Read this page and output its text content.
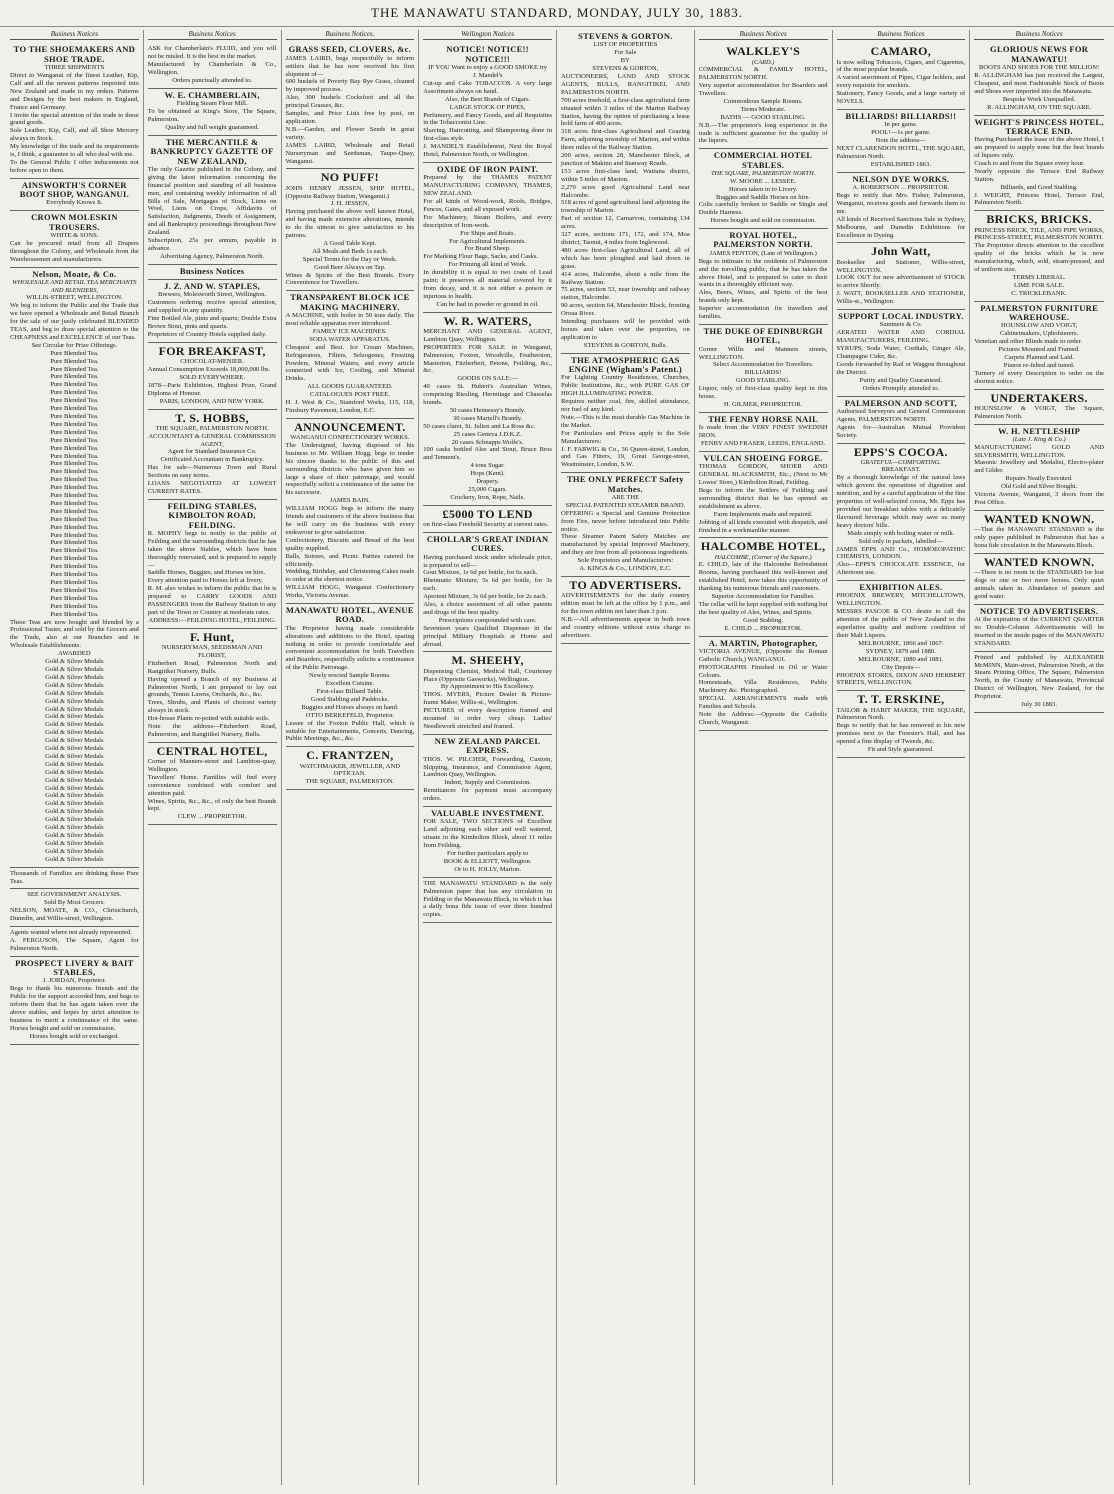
THE MANAWATU STANDARD, MONDAY, JULY 30, 1883.
Business Notices
TO THE SHOEMAKERS AND SHOE TRADE.
THREE SHIPMENTS
Direct to Wanganui of the finest Leather, Kip, Calf and all the newest patterns imported into New Zealand and made to my orders. Patterns and Designs by the best makers in England, France and Germany.
I invite the special attention of the trade to these grand goods.
Sole Leather, Kip, Calf, and all Shoe Mercery always in Stock.
My knowledge of the trade and its requirements is, I think, a guarantee to all who deal with me.
To the General Public I offer inducements not before open to them.
AINSWORTH'S CORNER BOOT SHOP, WANGANUI.
Everybody Knows It.
CROWN MOLESKIN TROUSERS.
WHITE & SONS.
Can be procured retail from all Drapers throughout the Colony, and Wholesale from the Warehousemen and manufacturers.
Nelson, Moate, & Co.
WHOLESALE AND RETAIL TEA MERCHANTS AND BLENDERS,
WILLIS-STREET, WELLINGTON.
We beg to inform the Public and the Trade that we have opened a Wholesale and Retail Branch for the sale of our justly celebrated BLENDED TEAS, and beg to draw special attention to the CHEAPNESS and EXCELLENCE of our Teas.
See Circular for Prize Offerings.
Pure Blended Tea.
Pure Blended Tea.
Pure Blended Tea.
Pure Blended Tea.
Pure Blended Tea.
Pure Blended Tea.
Pure Blended Tea.
Pure Blended Tea.
Pure Blended Tea.
Pure Blended Tea.
Pure Blended Tea.
Pure Blended Tea.
Pure Blended Tea.
Pure Blended Tea.
Pure Blended Tea.
Pure Blended Tea.
Pure Blended Tea.
Pure Blended Tea.
Pure Blended Tea.
Pure Blended Tea.
Pure Blended Tea.
Pure Blended Tea.
Pure Blended Tea.
Pure Blended Tea.
Pure Blended Tea.
Pure Blended Tea.
Pure Blended Tea.
Pure Blended Tea.
Pure Blended Tea.
Pure Blended Tea.
Pure Blended Tea.
Pure Blended Tea.
Pure Blended Tea.
Pure Blended Tea.
These Teas are now bought and blended by a Professional Taster, and sold by the Grocers and the Trade, also at our Branches and in Wholesale Establishments.
AWARDED
Gold & Silver Medals
Gold & Silver Medals
Gold & Silver Medals
Gold & Silver Medals
Gold & Silver Medals
Gold & Silver Medals
Gold & Silver Medals
Gold & Silver Medals
Gold & Silver Medals
Gold & Silver Medals
Gold & Silver Medals
Gold & Silver Medals
Gold & Silver Medals
Gold & Silver Medals
Gold & Silver Medals
Gold & Silver Medals
Gold & Silver Medals
Gold & Silver Medals
Gold & Silver Medals
Gold & Silver Medals
Gold & Silver Medals
Gold & Silver Medals
Gold & Silver Medals
Gold & Silver Medals
Gold & Silver Medals
Gold & Silver Medals
Thousands of Families are drinking these Pure Teas.
SEE GOVERNMENT ANALYSIS.
Sold By Most Grocers.
NELSON, MOATE, & CO., Christchurch, Dunedin, and Willis-street, Wellington.
Agents wanted where not already represented.
A. FERGUSON, The Square, Agent for Palmerston North.
PROSPECT LIVERY & BAIT STABLES,
J. JORDAN, Proprietor.
Begs to thank his numerous friends and the Public for the support accorded him, and begs to inform them that he has again taken over the above stables, and hopes by strict attention to business to merit a continuance of the same. Horses bought and sold on commission.
Horses bought sold or exchanged.
Business Notices
ASK for Chamberlain's FLUID, and you will not be misled. It is the best in the market.
Manufactured by Chamberlain & Co., Wellington.
Orders punctually attended to.
W. E. CHAMBERLAIN,
Fielding Steam Flour Mill.
To be obtained at King's Store, The Square, Palmerston.
Quality and full weight guaranteed.
THE MERCANTILE & BANKRUPTCY GAZETTE OF NEW ZEALAND,
The only Gazette published in the Colony, and giving the latest information concerning the financial position and standing of all business men, and containing weekly information of all Bills of Sale, Mortgages of Stock, Liens on Wool, Liens on Crops, Affidavits of Satisfaction, Judgments, Deeds of Assignment, and all Bankruptcy proceedings throughout New Zealand.
Subscription, 25s per annum, payable in advance.
Advertising Agency, Palmerston North.
Business Notices
J. Z. AND W. STAPLES,
Brewers, Molesworth Street, Wellington.
Customers ordering receive special attention, and supplied in any quantity.
Fine Bottled Ale, pints and quarts; Double Extra Brown Stout, pints and quarts.
Proprietors of Country Hotels supplied daily.
FOR BREAKFAST,
CHOCOLAT-MENIER.
Annual Consumption Exceeds 18,000,000 lbs.
SOLD EVERYWHERE.
1878—Paris Exhibition, Highest Prize, Grand Diploma of Honour.
PARIS, LONDON, AND NEW YORK.
T. S. HOBBS,
THE SQUARE, PALMERSTON NORTH.
ACCOUNTANT & GENERAL COMMISSION AGENT,
Agent for Standard Insurance Co.
Certificated Accountant in Bankruptcy.
Has for sale—Numerous Town and Rural Sections on easy terms.
LOANS NEGOTIATED AT LOWEST CURRENT RATES.
FEILDING STABLES, KIMBOLTON ROAD, FEILDING.
R. MOPHY begs to notify to the public of Feilding and the surrounding districts that he has taken the above Stables, which have been thoroughly renovated, and is prepared to supply—
Saddle Horses, Buggies, and Horses on hire.
Every attention paid to Horses left at livery.
R. M. also wishes to inform the public that he is prepared to CARRY GOODS AND PASSENGERS from the Railway Station to any part of the Town or Country at moderate rates.
ADDRESS:—FEILDING HOTEL, FEILDING.
F. Hunt,
NURSERYMAN, SEEDSMAN AND FLORIST,
Fitzherbert Road, Palmerston North and Rangitikei Nursery, Bulls.
Having opened a Branch of my Business at Palmerston North, I am prepared to lay out grounds, Tennis Lawns, Orchards, &c., &c.
Trees, Shrubs, and Plants of choicest variety always in stock.
Hot-house Plants re-potted with suitable soils.
Note the address—Fitzherbert Road, Palmerston, and Rangitikei Nursery, Bulls.
CENTRAL HOTEL,
Corner of Manners-street and Lambton-quay, Wellington.
Travellers' Home. Families will find every convenience combined with comfort and attention paid.
Wines, Spirits, &c., &c., of only the best Brands kept.
CLEW ... PROPRIETOR.
Business Notices.
GRASS SEED, CLOVERS, &c.
JAMES LAIRD, begs respectfully to inform settlers that he has now received his first shipment of—
600 bushels of Poverty Bay Rye Grass, cleaned by improved process.
Also, 300 bushels Cocksfoot and all the principal Grasses, &c.
Samples, and Price Lists free by post, on application.
N.B.—Garden, and Flower Seeds in great variety.
JAMES LAIRD, Wholesale and Retail Nurseryman and Seedsman, Taupo-Quay, Wanganui.
NO PUFF!
JOHN HENRY JESSEN, SHIP HOTEL, (Opposite Railway Station, Wanganui.)
J. H. JESSEN,
Having purchased the above well known Hotel, and having made extensive alterations, intends to do the utmost to give satisfaction to his patrons.
A Good Table Kept.
All Meals and Beds 1s each.
Special Terms for the Day or Week.
Good Beer Always on Tap.
Wines & Spirits of the Best Brands. Every Convenience for Travellers.
TRANSPARENT BLOCK ICE MAKING MACHINERY.
A MACHINE, with boiler to 50 tons daily. The most reliable apparatus ever introduced.
FAMILY ICE MACHINES.
SODA WATER APPARATUS.
Cheapest and Best. Ice Cream Machines, Refrigerators, Filters, Selzogenes, Freezing Powders, Mineral Waters, and every article connected with Ice, Cooling, and Mineral Drinks.
ALL GOODS GUARANTEED.
CATALOGUES POST FREE.
H. J. West & Co., Stamford Works, 115, 118, Finsbury Pavement, London, E.C.
ANNOUNCEMENT.
WANGANUI CONFECTIONERY WORKS.
The Undersigned, having disposed of his business to Mr. William Hogg, begs to tender his sincere thanks to the public of this and surrounding districts who have given him so large a share of their patronage, and would respectfully solicit a continuance of the same for his successor.
JAMES BAIN.
WILLIAM HOGG begs to inform the many friends and customers of the above business that he will carry on the business with every endeavour to give satisfaction.
Confectionery, Biscuits and Bread of the best quality supplied.
Balls, Soirees, and Picnic Parties catered for efficiently.
Wedding, Birthday, and Christening Cakes made to order at the shortest notice.
WILLIAM HOGG, Wanganui Confectionery Works, Victoria Avenue.
MANAWATU HOTEL, AVENUE ROAD.
The Proprietor having made considerable alterations and additions to the Hotel, sparing nothing in order to provide comfortable and convenient accommodation for both Travellers and Boarders, respectfully solicits a continuance of the Public Patronage.
Newly erected Sample Rooms.
Excellent Cuisine.
First-class Billiard Table.
Good Stabling and Paddocks.
Buggies and Horses always on hand.
OTTO BERKEFELD, Proprietor.
Lessee of the Foxton Public Hall, which is suitable for Entertainments, Concerts, Dancing, Public Meetings, &c., &c.
C. FRANTZEN,
WATCHMAKER, JEWELLER, AND OPTICIAN.
THE SQUARE, PALMERSTON.
Wellington Notices
NOTICE! NOTICE!! NOTICE!!!
IF YOU Want to enjoy a GOOD SMOKE try
J. Mandel's
Cut-up and Cake TOBACCOS. A very large Assortment always on hand.
Also, the Best Brands of Cigars.
LARGE STOCK OF PIPES,
Perfumery, and Fancy Goods, and all Requisites in the Tobacconist Line.
Shaving, Haircutting, and Shampooing done in first-class style.
J. MANDEL'S Establishment, Next the Royal Hotel, Palmerston North, or Wellington.
OXIDE OF IRON PAINT.
Prepared by the THAMES PATENT MANUFACTURING COMPANY, THAMES, NEW ZEALAND.
For all kinds of Wood-work, Roofs, Bridges, Fences, Gates, and all exposed work.
For Machinery, Steam Boilers, and every description of Iron-work.
For Ships and Boats.
For Agricultural Implements.
For Brand Sheep.
For Marking Flour Bags, Sacks, and Casks.
For Priming all kind of Work.
In durability it is equal to two coats of Lead paint; it preserves all material covered by it from decay, and it is not either a poison or injurious to health.
Can be had in powder or ground in oil.
W. R. WATERS,
MERCHANT AND GENERAL AGENT, Lambton Quay, Wellington.
PROPERTIES FOR SALE in Wanganui, Palmerston, Foxton, Woodville, Featherston, Masterton, Fitzherbert, Petone, Feilding, &c., &c.
GOODS ON SALE:—
40 cases St. Hubert's Australian Wines, comprising Riesling, Hermitage and Chasselas brands.
50 cases Hennessy's Brandy.
30 cases Martell's Brandy.
50 cases claret, St. Julien and La Rose &c.
25 cases Geneva J.D.K.Z.
20 cases Schnapps Wolfe's.
100 casks bottled Ales and Stout, Bruce Bros and Tennent's.
4 tons Sugar.
Hops (Kent).
Drapery.
25,000 Cigars.
Crockery, Iron, Rope, Nails.
£5000 TO LEND
on first-class Freehold Security at current rates.
CHOLLAR'S GREAT INDIAN CURES.
Having purchased stock under wholesale price, is prepared to sell—
Gout Mixture, 1s 6d per bottle, for 6s each.
Rheumatic Mixture, 5s 6d per bottle, for 3s each.
Aperient Mixture, 3s 6d per bottle, for 2s each.
Also, a choice assortment of all other patents and drugs of the best quality.
Prescriptions compounded with care.
Seventeen years Qualified Dispenser in the principal Military Hospitals at Home and abroad.
M. SHEEHY,
Dispensing Chemist, Medical Hall, Courtenay Place (Opposite Gasworks), Wellington.
By Appointment to His Excellency.
THOS. MYERS, Picture Dealer & Picture-frame Maker, Willis-st., Wellington.
PICTURES of every description framed and mounted to order very cheap. Ladies' Needlework stretched and framed.
NEW ZEALAND PARCEL EXPRESS.
THOS. W. PILCHER, Forwarding, Custom, Shipping, Insurance, and Commission Agent, Lambton Quay, Wellington.
Indent, Supply and Commission.
Remittances for payment must accompany orders.
VALUABLE INVESTMENT.
FOR SALE, TWO SECTIONS of Excellent Land adjoining each other and well watered, situate in the Kimbolton Block, about 11 miles from Feilding.
For further particulars apply to
BOOK & ELLIOTT, Wellington.
Or to H. JOLLY, Marton.
THE MANAWATU STANDARD is the only Palmerston paper that has any circulation in Feilding or the Manawatu Block, in which it has a daily bona fide issue of over three hundred copies.
STEVENS & GORTON.
LIST OF PROPERTIES
For Sale
BY
STEVENS & GORTON,
AUCTIONEERS, LAND AND STOCK AGENTS, BULLS, RANGITIKEI, AND PALMERSTON NORTH.
700 acres freehold, a first-class agricultural farm situated within 3 miles of the Marton Railway Station, having the option of purchasing a lease hold farm of 400 acres.
318 acres first-class Agricultural and Grazing Farm, adjoining township of Marton, and within three miles of the Railway Station.
200 acres, section 28, Manchester Block, at junction of Makino and Stanway Roads.
153 acres first-class land, Waituna district, within 5 miles of Marton.
2,279 acres good Agricultural Land near Halcombe.
518 acres of good agricultural land adjoining the township of Marton.
Part of section 12, Carnarvon, containing 134 acres.
327 acres, sections 171, 172, and 174, Moa district, Taonui, 4 miles from Inglewood.
480 acres first-class Agricultural Land, all of which has been ploughed and laid down in grass.
414 acres, Halcombe, about a mile from the Railway Station.
75 acres, section 53, near township and railway station, Halcombe.
90 acres, section 64, Manchester Block, fronting Oroua River.
Intending purchasers will be provided with horses and taken over the properties, on application to
STEVENS & GORTON, Bulls.
THE ATMOSPHERIC GAS ENGINE (Wigham's Patent.)
For Lighting Country Residences, Churches, Public Institutions, &c., with PURE GAS OF HIGH ILLUMINATING POWER.
Requires neither coal, fire, skilled attendance, nor fuel of any kind.
Note.—This is the most durable Gas Machine in the Market.
For Particulars and Prices apply to the Sole Manufacturers:
J. F. FARWIG & Co., 36 Queen-street, London, and Gas Fitters, 19, Great George-street, Westminster, London, S.W.
THE ONLY PERFECT Safety Matches.
ARE THE
SPECIAL PATENTED STEAMER BRAND.
OFFERING a Special and Genuine Protection from Fire, never before introduced into Public notice.
These Steamer Patent Safety Matches are manufactured by special Improved Machinery, and they are free from all poisonous ingredients.
Sole Proprietors and Manufacturers:
A. KINGS & Co., LONDON, E.C.
TO ADVERTISERS.
ADVERTISEMENTS for the daily country edition must be left at the office by 1 p.m., and for the town edition not later than 3 p.m.
N.B.—All advertisements appear in both town and country editions without extra charge to advertisers.
Business Notices
WALKLEY'S
(CARD.)
COMMERCIAL & FAMILY HOTEL, PALMERSTON NORTH.
Very superior accommodation for Boarders and Travellers.
Commodious Sample Rooms.
Terms Moderate.
BATHS — GOOD STABLING.
N.B.—The proprietor's long experience in the trade is sufficient guarantee for the quality of the liquors.
COMMERCIAL HOTEL STABLES.
THE SQUARE, PALMERSTON NORTH.
W. MOORE ... LESSEE.
Horses taken in to Livery.
Buggies and Saddle Horses on hire.
Colts carefully broken to Saddle or Single and Double Harness.
Horses bought and sold on commission.
ROYAL HOTEL, PALMERSTON NORTH.
JAMES FENTON, (Late of Wellington.)
Begs to intimate to the residents of Palmerston and the travelling public, that he has taken the above Hotel, and is prepared to cater to their wants in a thoroughly efficient way.
Ales, Beers, Wines, and Spirits of the best brands only kept.
Superior accommodation for travellers and families.
THE DUKE OF EDINBURGH HOTEL,
Corner Willis and Manners streets, WELLINGTON.
Select Accommodation for Travellers.
BILLIARDS!
GOOD STABLING.
Liquor, only of first-class quality kept in this house.
H. GILMER, PROPRIETOR.
THE FENBY HORSE NAIL
Is made from the VERY FINEST SWEDISH IRON.
FENBY AND FRASER, LEEDS, ENGLAND.
VULCAN SHOEING FORGE.
THOMAS GORDON, SHOER AND GENERAL BLACKSMITH, Etc., (Next to Mr Lowes' Store,) Kimbolton Road, Feilding.
Begs to inform the Settlers of Feilding and surrounding district that he has opened an establishment as above.
Farm Implements made and repaired.
Jobbing of all kinds executed with despatch, and finished in a workmanlike manner.
HALCOMBE HOTEL,
HALCOMBE, (Corner of the Square.)
E. CHILD, late of the Halcombe Refreshment Rooms, having purchased this well-known and established Hotel, now takes this opportunity of thanking his numerous friends and customers.
Superior Accommodation for Families.
The cellar will be kept supplied with nothing but the best quality of Ales, Wines, and Spirits.
Good Stabling.
E. CHILD ... PROPRIETOR.
A. MARTIN, Photographer,
VICTORIA AVENUE, (Opposite the Roman Catholic Church,) WANGANUI.
PHOTOGRAPHS Finished in Oil or Water Colours.
Homesteads, Villa Residences, Public Machinery &c. Photographed.
SPECIAL ARRANGEMENTS made with Families and Schools.
Note the Address:—Opposite the Catholic Church, Wanganui.
Business Notices
CAMARO,
Is now selling Tobaccos, Cigars, and Cigarettes, of the most popular brands.
A varied assortment of Pipes, Cigar holders, and every requisite for smokers.
Stationery, Fancy Goods, and a large variety of NOVELS.
BILLIARDS! BILLIARDS!!
In per game.
POOL!—1s per game.
Note the address—
NEXT CLARENDON HOTEL, THE SQUARE, Palmerston North.
ESTABLISHED 1863.
NELSON DYE WORKS.
A. ROBERTSON ... PROPRIETOR.
Begs to notify that Mrs. Fisher, Palmerston, Wanganui, receives goods and forwards them to me.
All kinds of Received Sanctions Sale in Sydney, Melbourne, and Dunedin Exhibitions for Excellence in Dyeing.
John Watt,
Bookseller and Stationer, Willis-street, WELLINGTON.
LOOK OUT for new advertisement of STOCK to arrive Shortly.
J. WATT, BOOKSELLER AND STATIONER, Willis-st., Wellington.
SUPPORT LOCAL INDUSTRY.
Summers & Co.
AERATED WATER AND CORDIAL MANUFACTURERS, FEILDING.
SYRUPS, Soda Water, Cordials, Ginger Ale, Champagne Cider, &c.
Goods forwarded by Rail or Waggon throughout the District.
Purity and Quality Guaranteed.
Orders Promptly attended to.
PALMERSON AND SCOTT,
Authorised Surveyors and General Commission Agents, PALMERSTON NORTH.
Agents for—Australian Mutual Provident Society.
EPPS'S COCOA.
GRATEFUL—COMFORTING.
BREAKFAST.
By a thorough knowledge of the natural laws which govern the operations of digestion and nutrition, and by a careful application of the fine properties of well-selected cocoa, Mr. Epps has provided our breakfast tables with a delicately flavoured beverage which may save us many heavy doctors' bills.
Made simply with boiling water or milk.
Sold only in packets, labelled—
JAMES EPPS AND Co., HOMOEOPATHIC CHEMISTS, LONDON.
Also—EPPS'S CHOCOLATE ESSENCE, for Afternoon use.
EXHIBITION ALES.
PHOENIX BREWERY, MITCHELLTOWN, WELLINGTON.
MESSRS PASCOE & CO. desire to call the attention of the public of New Zealand to the superlative quality and uniform condition of their Malt Liquors.
MELBOURNE, 1866 and 1867.
SYDNEY, 1879 and 1880.
MELBOURNE, 1880 and 1881.
City Depots—
PHOENIX STORES, DIXON AND HERBERT STREETS, WELLINGTON.
T. T. ERSKINE,
TAILOR & HABIT MAKER, THE SQUARE, Palmerston North.
Begs to notify that he has removed to his new premises next to the Forester's Hall, and has opened a fine display of Tweeds, &c.
Fit and Style guaranteed.
Business Notices
GLORIOUS NEWS FOR MANAWATU!
BOOTS AND SHOES FOR THE MILLION!
R. ALLINGHAM has just received the Largest, Cheapest, and most Fashionable Stock of Boots and Shoes ever imported into the Manawatu.
Bespoke Work Unequalled.
R. ALLINGHAM, ON THE SQUARE.
WEIGHT'S PRINCESS HOTEL, TERRACE END.
Having Purchased the lease of the above Hotel, I am prepared to supply none but the best brands of liquors only.
Coach to and from the Square every hour.
Nearly opposite the Terrace End Railway Station.
Billiards, and Good Stabling.
J. WEIGHT, Princess Hotel, Terrace End, Palmerston North.
BRICKS, BRICKS.
PRINCESS BRICK, TILE, AND PIPE WORKS, PRINCESS-STREET, PALMERSTON NORTH.
The Proprietor directs attention to the excellent quality of the bricks which he is now manufacturing, which, sold, steam-pressed, and of uniform size.
TERMS LIBERAL.
LIME FOR SALE.
C. TRICKLEBANK.
PALMERSTON FURNITURE WAREHOUSE.
HOUNSLOW AND VOIGT,
Cabinetmakers, Upholsterers.
Venetian and other Blinds made to order.
Pictures Mounted and Framed.
Carpets Planned and Laid.
Pianos re-felted and tuned.
Turnery of every Description to order on the shortest notice.
UNDERTAKERS.
HOUNSLOW & VOIGT, The Square, Palmerston North.
W. H. NETTLESHIP
(Late J. King & Co.)
MANUFACTURING GOLD AND SILVERSMITH, WELLINGTON.
Masonic Jewellery and Medalist, Electro-plater and Gilder.
Repairs Neatly Executed.
Old Gold and Silver Bought.
Victoria Avenue, Wanganui, 3 doors from the Post Office.
WANTED KNOWN.
—That the MANAWATU STANDARD is the only paper published in Palmerston that has a bona fide circulation in the Manawatu Block.
WANTED KNOWN.
—There is no room in the STANDARD for lost dogs or one or two more horses. Only quiet animals taken in. Abundance of pasture and good water.
NOTICE TO ADVERTISERS.
At the expiration of the CURRENT QUARTER no Double-Column Advertisements will be inserted in the inside pages of the MANAWATU STANDARD.
Printed and published by ALEXANDER McMINN, Main-street, Palmerston North, at the Steam Printing Office, The Square, Palmerston North, in the County of Manawatu, Provincial District of Wellington, New Zealand, for the Proprietor.
July 30 1883.
